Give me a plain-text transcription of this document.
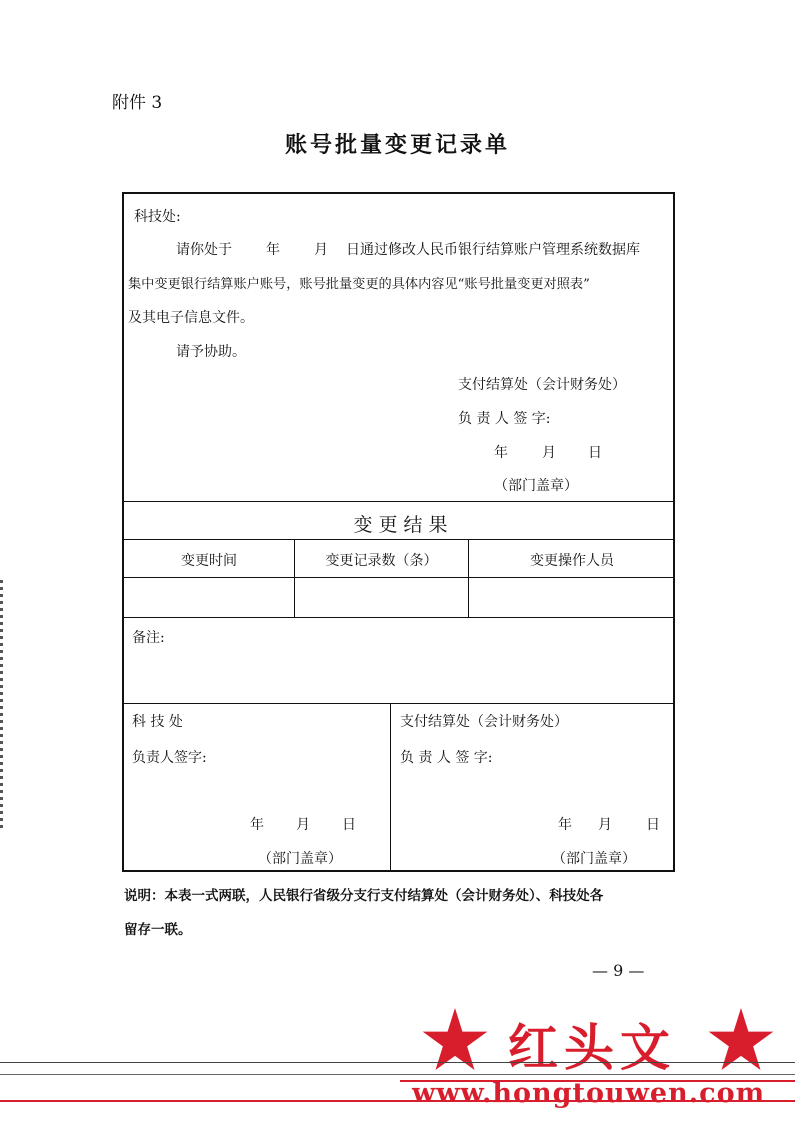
附件 3
账号批量变更记录单
科技处:
请你处于 年 月 日通过修改人民币银行结算账户管理系统数据库
集中变更银行结算账户账号，账号批量变更的具体内容见“账号批量变更对照表”
及其电子信息文件。
请予协助。
支付结算处（会计财务处）
负 责 人 签 字:
年 月 日
（部门盖章）
变 更 结 果
变更时间	变更记录数（条）	变更操作人员
备注:
科 技 处
负责人签字:
年 月 日
（部门盖章）
支付结算处（会计财务处）
负 责 人 签 字:
年 月 日
（部门盖章）
说明：本表一式两联，人民银行省级分支行支付结算处（会计财务处）、科技处各
留存一联。
— 9 —
红头文
www.hongtouwen.com
